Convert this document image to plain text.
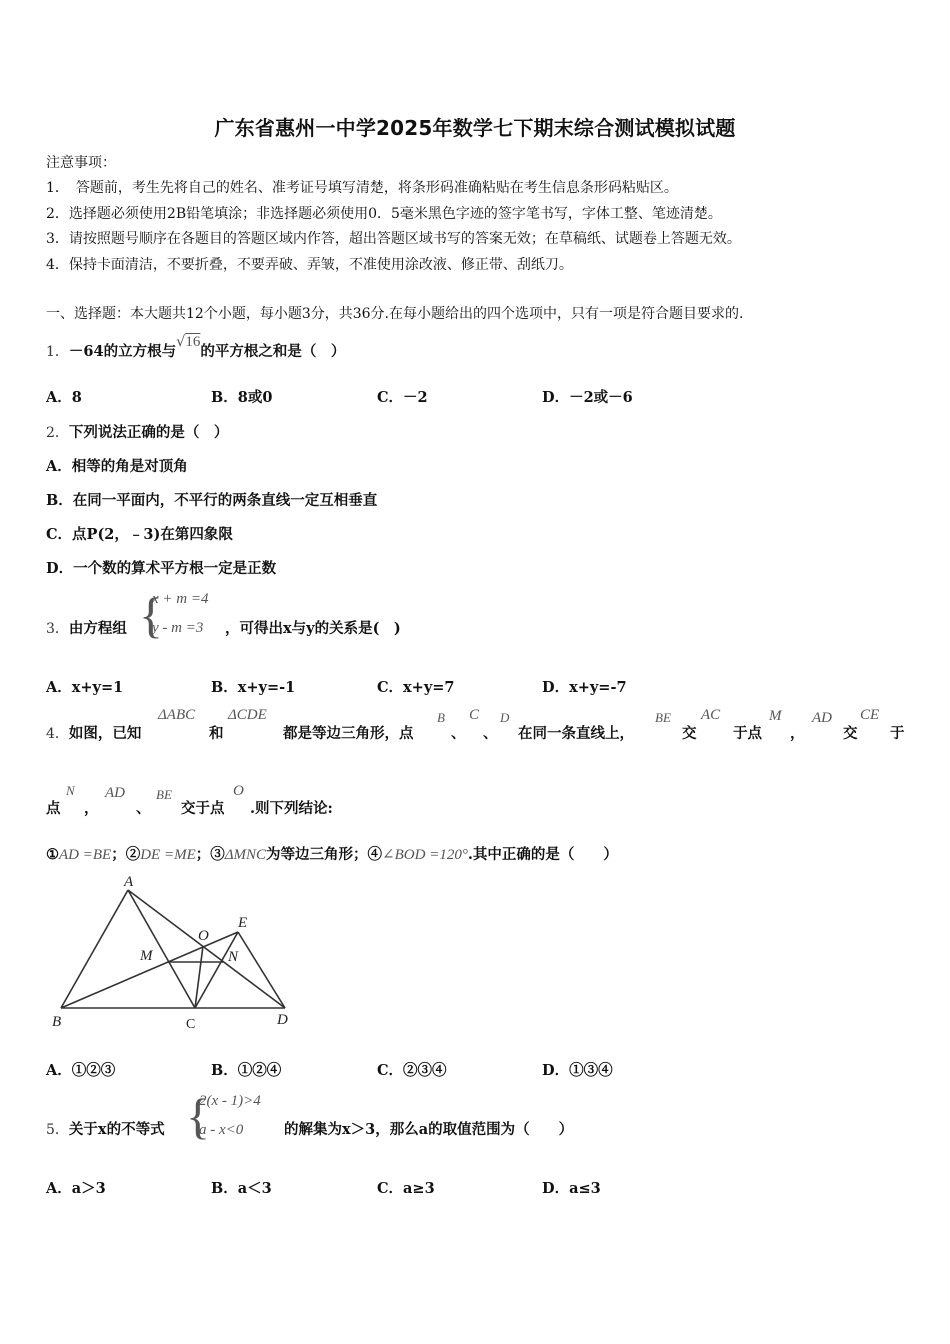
广东省惠州一中学2025年数学七下期末综合测试模拟试题
注意事项：
1．　答题前，考生先将自己的姓名、准考证号填写清楚，将条形码准确粘贴在考生信息条形码粘贴区。
2．选择题必须使用2B铅笔填涂；非选择题必须使用0．5毫米黑色字迹的签字笔书写，字体工整、笔迹清楚。
3．请按照题号顺序在各题目的答题区域内作答，超出答题区域书写的答案无效；在草稿纸、试题卷上答题无效。
4．保持卡面清洁，不要折叠，不要弄破、弄皱，不准使用涂改液、修正带、刮纸刀。
一、选择题：本大题共12个小题，每小题3分，共36分.在每小题给出的四个选项中，只有一项是符合题目要求的.
1．－64的立方根与√16的平方根之和是（　）
A．8	B．8或0	C．－2	D．－2或－6
2．下列说法正确的是（　）
A．相等的角是对顶角
B．在同一平面内，不平行的两条直线一定互相垂直
C．点P(2，﹣3)在第四象限
D．一个数的算术平方根一定是正数
3．由方程组 {
x + m =4
y - m =3 ，可得出x与y的关系是(　)
A．x+y=1	B．x+y=-1	C．x+y=7	D．x+y=-7
4．如图，已知
ΔABC
和
ΔCDE
都是等边三角形，点
B
、
C
、
D
在同一条直线上，
BE
交
AC
于点
M
，
AD
交
CE
于
点
N
，
AD
、
BE
交于点
O
.则下列结论:
①AD =BE；②DE =ME；③ΔMNC为等边三角形；④∠BOD =120°.其中正确的是（　　）
A
B	C	D
E
M	N
O
A．①②③	B．①②④	C．②③④	D．①③④
5．关于x的不等式 {
2(x - 1)>4
a - x<0	的解集为x＞3，那么a的取值范围为（　　）
A．a＞3	B．a＜3	C．a≥3	D．a≤3
